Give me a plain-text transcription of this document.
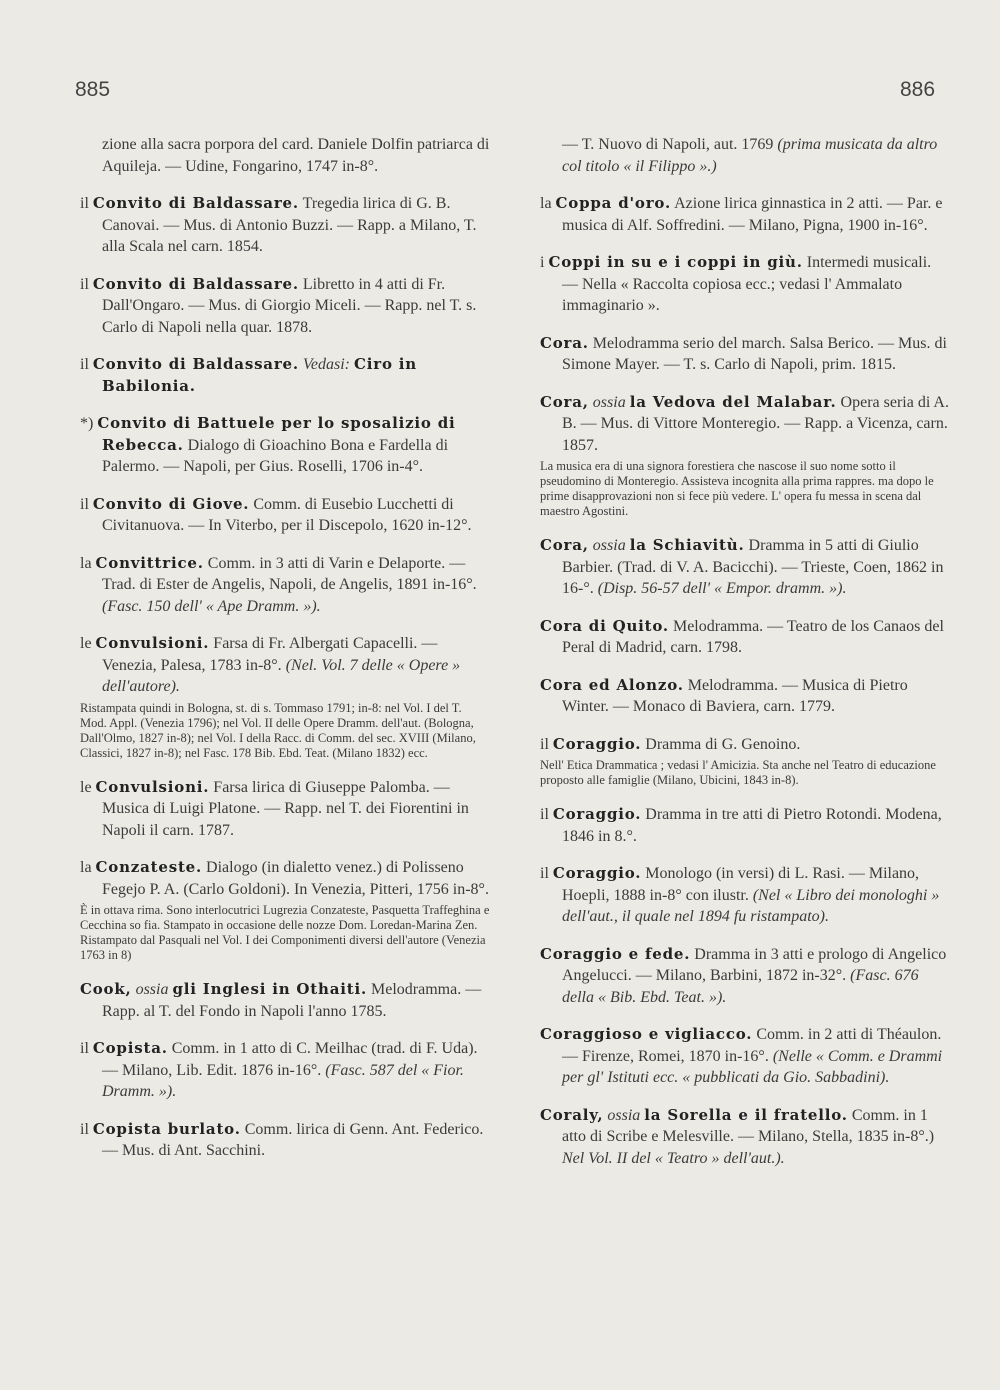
885	886
zione alla sacra porpora del card. Daniele Dolfin patriarca di Aquileja. — Udine, Fongarino, 1747 in-8°.
il Convito di Baldassare. Tregedia lirica di G. B. Canovai. — Mus. di Antonio Buzzi. — Rapp. a Milano, T. alla Scala nel carn. 1854.
il Convito di Baldassare. Libretto in 4 atti di Fr. Dall'Ongaro. — Mus. di Giorgio Miceli. — Rapp. nel T. s. Carlo di Napoli nella quar. 1878.
il Convito di Baldassare. Vedasi: Ciro in Babilonia.
*) Convito di Battuele per lo sposalizio di Rebecca. Dialogo di Gioachino Bona e Fardella di Palermo. — Napoli, per Gius. Roselli, 1706 in-4°.
il Convito di Giove. Comm. di Eusebio Lucchetti di Civitanuova. — In Viterbo, per il Discepolo, 1620 in-12°.
la Convittrice. Comm. in 3 atti di Varin e Delaporte. — Trad. di Ester de Angelis, Napoli, de Angelis, 1891 in-16°. (Fasc. 150 dell' « Ape Dramm. »).
le Convulsioni. Farsa di Fr. Albergati Capacelli. — Venezia, Palesa, 1783 in-8°. (Nel. Vol. 7 delle « Opere » dell'autore).
Ristampata quindi in Bologna, st. di s. Tommaso 1791; in-8: nel Vol. I del T. Mod. Appl. (Venezia 1796); nel Vol. II delle Opere Dramm. dell'aut. (Bologna, Dall'Olmo, 1827 in-8); nel Vol. I della Racc. di Comm. del sec. XVIII (Milano, Classici, 1827 in-8); nel Fasc. 178 Bib. Ebd. Teat. (Milano 1832) ecc.
le Convulsioni. Farsa lirica di Giuseppe Palomba. — Musica di Luigi Platone. — Rapp. nel T. dei Fiorentini in Napoli il carn. 1787.
la Conzateste. Dialogo (in dialetto venez.) di Polisseno Fegejo P. A. (Carlo Goldoni). In Venezia, Pitteri, 1756 in-8°.
È in ottava rima. Sono interlocutrici Lugrezia Conzateste, Pasquetta Traffeghina e Cecchina so fia. Stampato in occasione delle nozze Dom. Loredan-Marina Zen. Ristampato dal Pasquali nel Vol. I dei Componimenti diversi dell'autore (Venezia 1763 in 8)
Cook, ossia gli Inglesi in Othaiti. Melodramma. — Rapp. al T. del Fondo in Napoli l'anno 1785.
il Copista. Comm. in 1 atto di C. Meilhac (trad. di F. Uda). — Milano, Lib. Edit. 1876 in-16°. (Fasc. 587 del « Fior. Dramm. »).
il Copista burlato. Comm. lirica di Genn. Ant. Federico. — Mus. di Ant. Sacchini.
— T. Nuovo di Napoli, aut. 1769 (prima musicata da altro col titolo « il Filippo ».)
la Coppa d'oro. Azione lirica ginnastica in 2 atti. — Par. e musica di Alf. Soffredini. — Milano, Pigna, 1900 in-16°.
i Coppi in su e i coppi in giù. Intermedi musicali. — Nella « Raccolta copiosa ecc.; vedasi l' Ammalato immaginario ».
Cora. Melodramma serio del march. Salsa Berico. — Mus. di Simone Mayer. — T. s. Carlo di Napoli, prim. 1815.
Cora, ossia la Vedova del Malabar. Opera seria di A. B. — Mus. di Vittore Monteregio. — Rapp. a Vicenza, carn. 1857.
La musica era di una signora forestiera che nascose il suo nome sotto il pseudomino di Monteregio. Assisteva incognita alla prima rappres. ma dopo le prime disapprovazioni non si fece più vedere. L' opera fu messa in scena dal maestro Agostini.
Cora, ossia la Schiavitù. Dramma in 5 atti di Giulio Barbier. (Trad. di V. A. Bacicchi). — Trieste, Coen, 1862 in 16-°. (Disp. 56-57 dell' « Empor. dramm. »).
Cora di Quito. Melodramma. — Teatro de los Canaos del Peral di Madrid, carn. 1798.
Cora ed Alonzo. Melodramma. — Musica di Pietro Winter. — Monaco di Baviera, carn. 1779.
il Coraggio. Dramma di G. Genoino.
Nell' Etica Drammatica ; vedasi l' Amicizia. Sta anche nel Teatro di educazione proposto alle famiglie (Milano, Ubicini, 1843 in-8).
il Coraggio. Dramma in tre atti di Pietro Rotondi. Modena, 1846 in 8.°.
il Coraggio. Monologo (in versi) di L. Rasi. — Milano, Hoepli, 1888 in-8° con ilustr. (Nel « Libro dei monologhi » dell'aut., il quale nel 1894 fu ristampato).
Coraggio e fede. Dramma in 3 atti e prologo di Angelico Angelucci. — Milano, Barbini, 1872 in-32°. (Fasc. 676 della « Bib. Ebd. Teat. »).
Coraggioso e vigliacco. Comm. in 2 atti di Théaulon. — Firenze, Romei, 1870 in-16°. (Nelle « Comm. e Drammi per gl' Istituti ecc. « pubblicati da Gio. Sabbadini).
Coraly, ossia la Sorella e il fratello. Comm. in 1 atto di Scribe e Melesville. — Milano, Stella, 1835 in-8°.) Nel Vol. II del « Teatro » dell'aut.).
